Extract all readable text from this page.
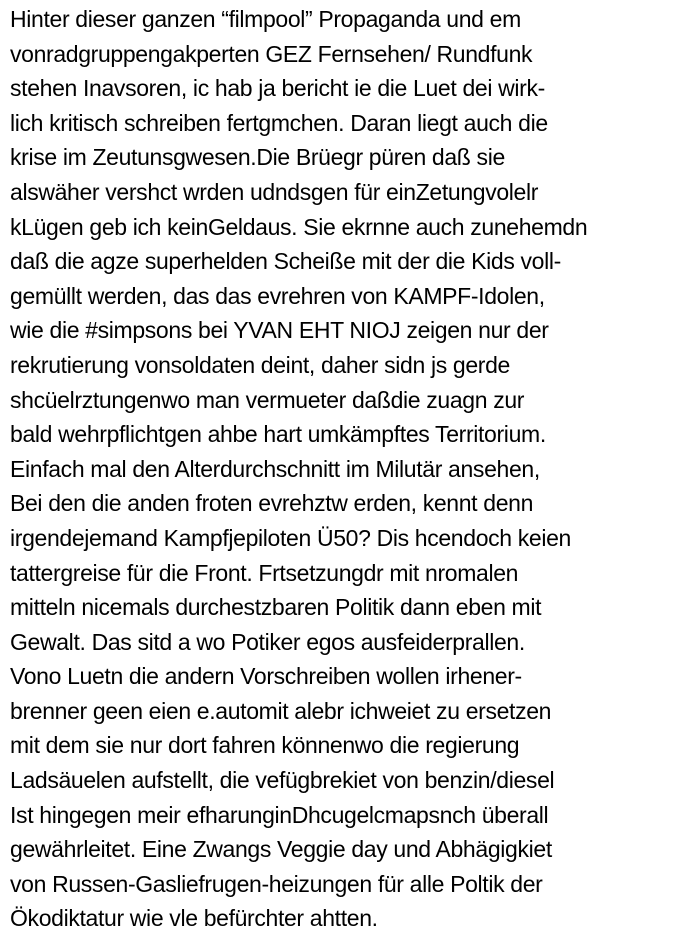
Hinter dieser ganzen “filmpool” Propaganda und em
vonradgruppengakperten GEZ Fernsehen/ Rundfunk
stehen Inavsoren, ic hab ja bericht ie die Luet dei wirk-
lich kritisch schreiben fertgmchen. Daran liegt auch die
krise im Zeutunsgwesen.Die Brüegr püren daß sie
alswäher vershct wrden udndsgen für einZetungvolelr
kLügen geb ich keinGeldaus. Sie ekrnne auch zunehemdn
daß die agze superhelden Scheiße mit der die Kids voll-
gemüllt werden, das das evrehren von KAMPF-Idolen,
wie die #simpsons bei YVAN EHT NIOJ zeigen nur der
rekrutierung vonsoldaten deint, daher sidn js gerde
shcüelrztungenwo man vermueter daßdie zuagn zur
bald wehrpflichtgen ahbe hart umkämpftes Territorium.
Einfach mal den Alterdurchschnitt im Milutär ansehen,
Bei den die anden froten evrehztw erden, kennt denn
irgendejemand Kampfjepiloten Ü50? Dis hcendoch keien
tattergreise für die Front. Frtsetzungdr mit nromalen
mitteln nicemals durchestzbaren Politik dann eben mit
Gewalt. Das sitd a wo Potiker egos ausfeiderprallen.
Vono Luetn die andern Vorschreiben wollen irhener-
brenner geen eien e.automit alebr ichweiet zu ersetzen
mit dem sie nur dort fahren könnenwo die regierung
Ladsäuelen aufstellt, die vefügbrekiet von benzin/diesel
Ist hingegen meir efharunginDhcugelcmapsnch überall
gewährleitet. Eine Zwangs Veggie day und Abhägigkiet
von Russen-Gasliefrugen-heizungen für alle Poltik der
Ökodiktatur wie vle befürchter ahtten.
